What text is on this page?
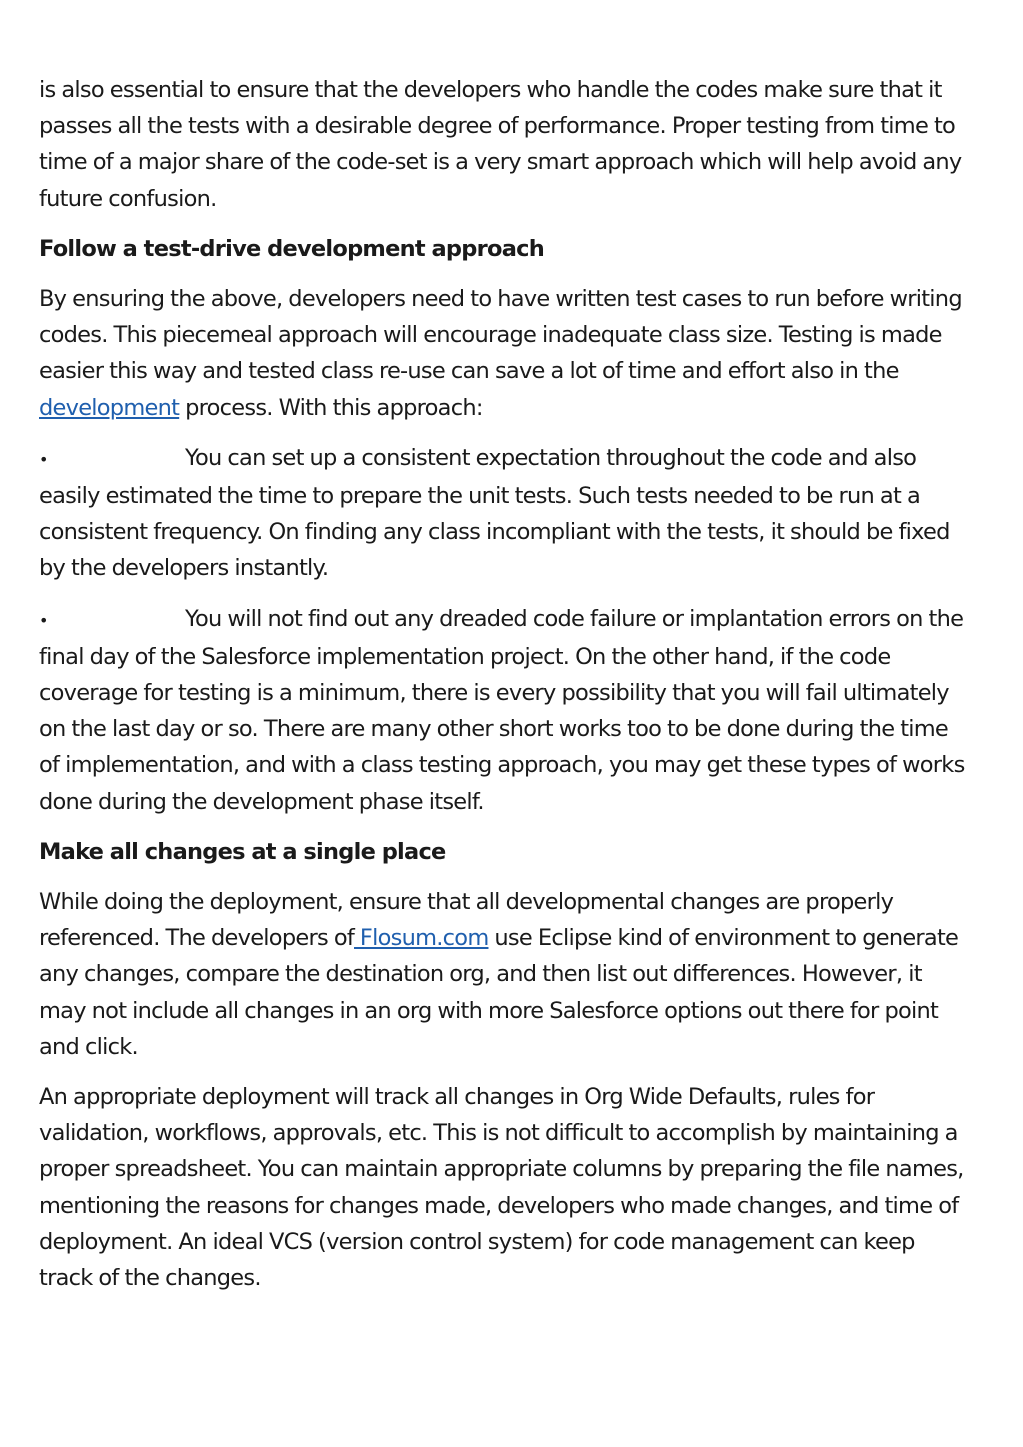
is also essential to ensure that the developers who handle the codes make sure that it passes all the tests with a desirable degree of performance. Proper testing from time to time of a major share of the code-set is a very smart approach which will help avoid any future confusion.

Follow a test-drive development approach

By ensuring the above, developers need to have written test cases to run before writing codes. This piecemeal approach will encourage inadequate class size. Testing is made easier this way and tested class re-use can save a lot of time and effort also in the development process. With this approach:

•	You can set up a consistent expectation throughout the code and also easily estimated the time to prepare the unit tests. Such tests needed to be run at a consistent frequency. On finding any class incompliant with the tests, it should be fixed by the developers instantly.

•	You will not find out any dreaded code failure or implantation errors on the final day of the Salesforce implementation project. On the other hand, if the code coverage for testing is a minimum, there is every possibility that you will fail ultimately on the last day or so. There are many other short works too to be done during the time of implementation, and with a class testing approach, you may get these types of works done during the development phase itself.

Make all changes at a single place

While doing the deployment, ensure that all developmental changes are properly referenced. The developers of Flosum.com use Eclipse kind of environment to generate any changes, compare the destination org, and then list out differences. However, it may not include all changes in an org with more Salesforce options out there for point and click.

An appropriate deployment will track all changes in Org Wide Defaults, rules for validation, workflows, approvals, etc. This is not difficult to accomplish by maintaining a proper spreadsheet. You can maintain appropriate columns by preparing the file names, mentioning the reasons for changes made, developers who made changes, and time of deployment. An ideal VCS (version control system) for code management can keep track of the changes.
